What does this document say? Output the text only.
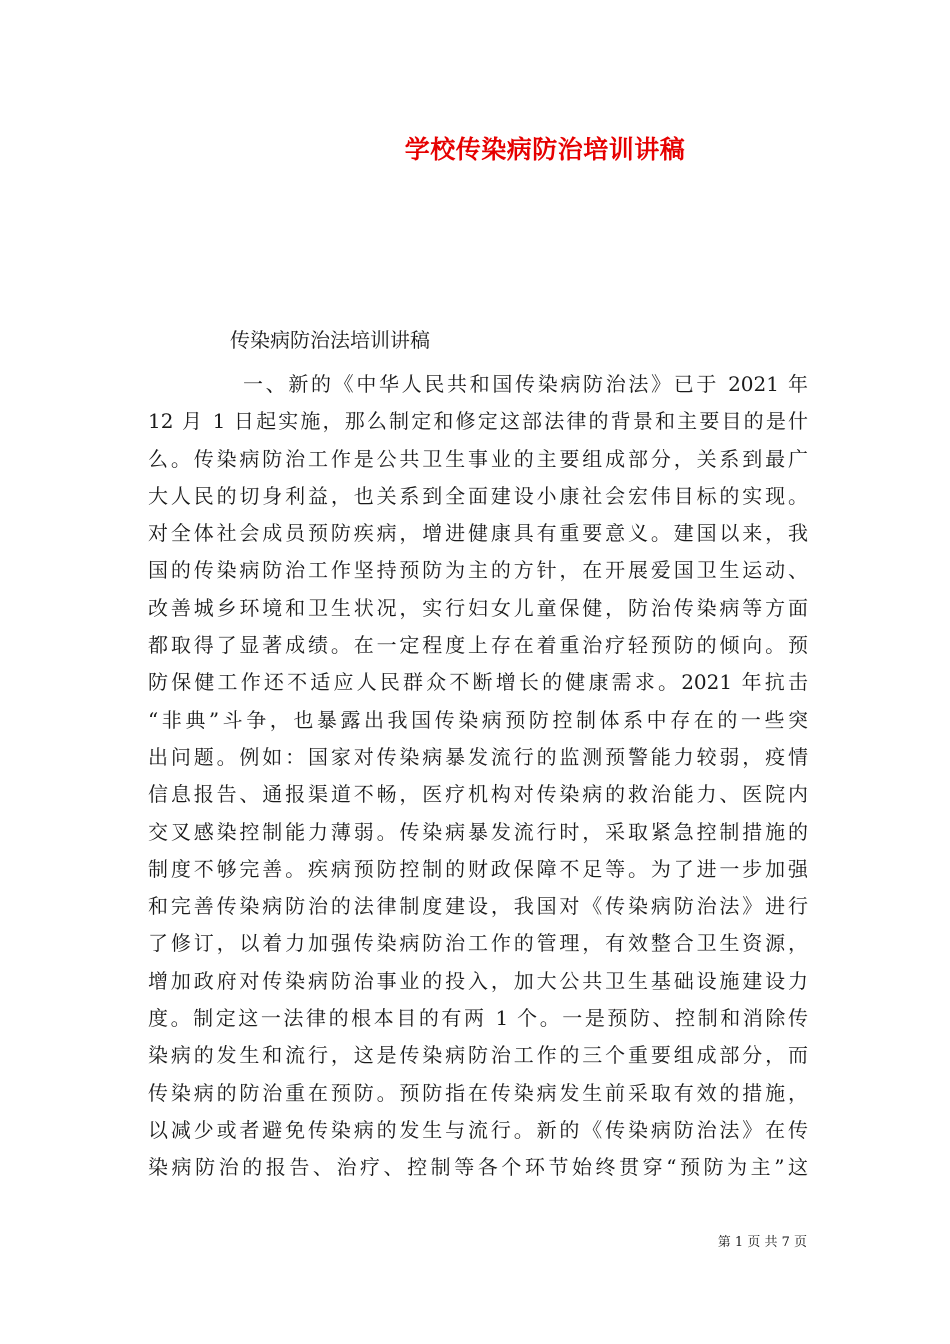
学校传染病防治培训讲稿
传染病防治法培训讲稿
一、新的《中华人民共和国传染病防治法》已于 2021 年
12 月 1 日起实施，那么制定和修定这部法律的背景和主要目的是什
么。传染病防治工作是公共卫生事业的主要组成部分，关系到最广
大人民的切身利益，也关系到全面建设小康社会宏伟目标的实现。
对全体社会成员预防疾病，增进健康具有重要意义。建国以来，我
国的传染病防治工作坚持预防为主的方针，在开展爱国卫生运动、
改善城乡环境和卫生状况，实行妇女儿童保健，防治传染病等方面
都取得了显著成绩。在一定程度上存在着重治疗轻预防的倾向。预
防保健工作还不适应人民群众不断增长的健康需求。2021 年抗击
“非典”斗争，也暴露出我国传染病预防控制体系中存在的一些突
出问题。例如：国家对传染病暴发流行的监测预警能力较弱，疫情
信息报告、通报渠道不畅，医疗机构对传染病的救治能力、医院内
交叉感染控制能力薄弱。传染病暴发流行时，采取紧急控制措施的
制度不够完善。疾病预防控制的财政保障不足等。为了进一步加强
和完善传染病防治的法律制度建设，我国对《传染病防治法》进行
了修订，以着力加强传染病防治工作的管理，有效整合卫生资源，
增加政府对传染病防治事业的投入，加大公共卫生基础设施建设力
度。制定这一法律的根本目的有两 1 个。一是预防、控制和消除传
染病的发生和流行，这是传染病防治工作的三个重要组成部分，而
传染病的防治重在预防。预防指在传染病发生前采取有效的措施，
以减少或者避免传染病的发生与流行。新的《传染病防治法》在传
染病防治的报告、治疗、控制等各个环节始终贯穿“预防为主”这
第 1 页 共 7 页
